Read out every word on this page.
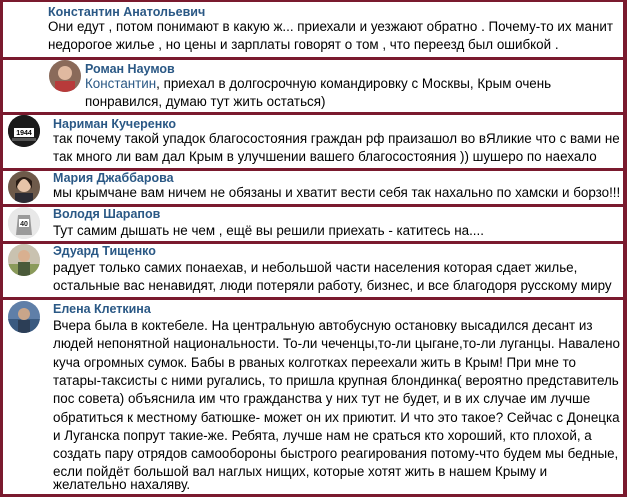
Константин Анатольевич
Они едут , потом понимают в какую ж... приехали и уезжают обратно . Почему-то их манит
недорогое жилье , но цены и зарплаты говорят о том , что переезд был ошибкой .
Роман Наумов
Константин, приехал в долгосрочную командировку с Москвы, Крым очень
понравился, думаю тут жить остаться)
1944
Нариман Кучеренко
так почему такой упадок благосостояния граждан рф праизашол во вЯликие что с вами не
так много ли вам дал Крым в улучшении вашего благосостояния )) шушеро по наехало
Мария Джаббарова
мы крымчане вам ничем не обязаны и хватит вести себя так нахально по хамски и борзо!!!
40
Володя Шарапов
Тут самим дышать не чем , ещё вы решили приехать - катитесь на....
Эдуард Тищенко
радует только самих понаехав, и небольшой части населения которая сдает жилье,
остальные вас ненавидят, люди потеряли работу, бизнес, и все благодоря русскому миру
Елена Клеткина
Вчера была в коктебеле. На центральную автобусную остановку высадился десант из
людей непонятной национальности. То-ли чеченцы,то-ли цыгане,то-ли луганцы. Навалено
куча огромных сумок. Бабы в рваных колготках переехали жить в Крым! При мне то
татары-таксисты с ними ругались, то пришла крупная блондинка( вероятно представитель
пос совета) объяснила им что гражданства у них тут не будет, и в их случае им лучше
обратиться к местному батюшке- может он их приютит. И что это такое? Сейчас с Донецка
и Луганска попрут такие-же. Ребята, лучше нам не сраться кто хороший, кто плохой, а
создать пару отрядов самообороны быстрого реагирования потому-что будем мы бедные,
если пойдёт большой вал наглых нищих, которые хотят жить в нашем Крыму и
желательно нахаляву.
